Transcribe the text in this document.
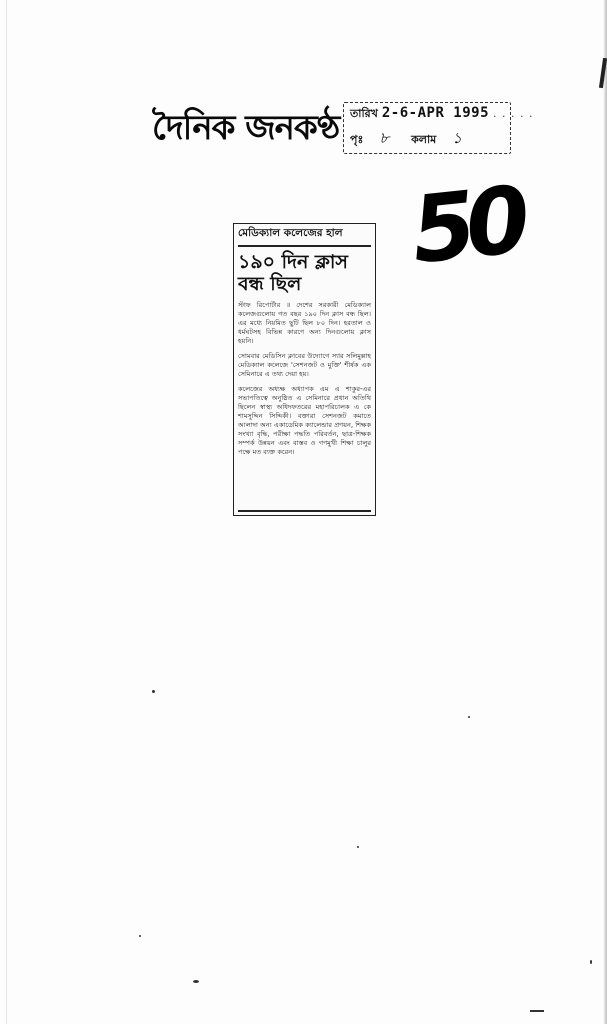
দৈনিক জনকণ্ঠ তারিখ 2-6-APR 1995 . . . . .
পৃঃ ৮ কলাম ১
50
মেডিক্যাল কলেজের হাল
১৯০ দিন ক্লাস বন্ধ ছিল

স্টাফ রিপোর্টার ॥ দেশের সরকারী মেডিক্যাল কলেজগুলোয় গত বছর ১৯০ দিন ক্লাস বন্ধ ছিল। এর মধ্যে নিয়মিত ছুটি ছিল ৮০ দিন। হরতাল ও ধর্মঘটসহ বিভিন্ন কারণে অন্য দিনগুলোয় ক্লাস হয়নি।

সোমবার মেডিসিন ক্লাবের উদ্যোগে স্যার সলিমুল্লাহ মেডিক্যাল কলেজে 'সেশনজট ও মুক্তি' শীর্ষক এক সেমিনারে এ তথ্য দেয়া হয়।

কলেজের অধ্যক্ষ অধ্যাপক এম এ শাকুর-এর সভাপতিত্বে অনুষ্ঠিত এ সেমিনারে প্রধান অতিথি ছিলেন স্বাস্থ্য অধিদফতরের মহাপরিচালক এ কে শামসুদ্দিন সিদ্দিকী। বক্তারা সেশনজট কমাতে আলাদা অন্য একাডেমিক ক্যালেন্ডার প্রণয়ন, শিক্ষক সংখ্যা বৃদ্ধি, পরীক্ষা পদ্ধতি পরিবর্তন, ছাত্র-শিক্ষক সম্পর্ক উন্নয়ন এবং বাস্তব ও গণমুখী শিক্ষা চালুর পক্ষে মত ব্যক্ত করেন।
